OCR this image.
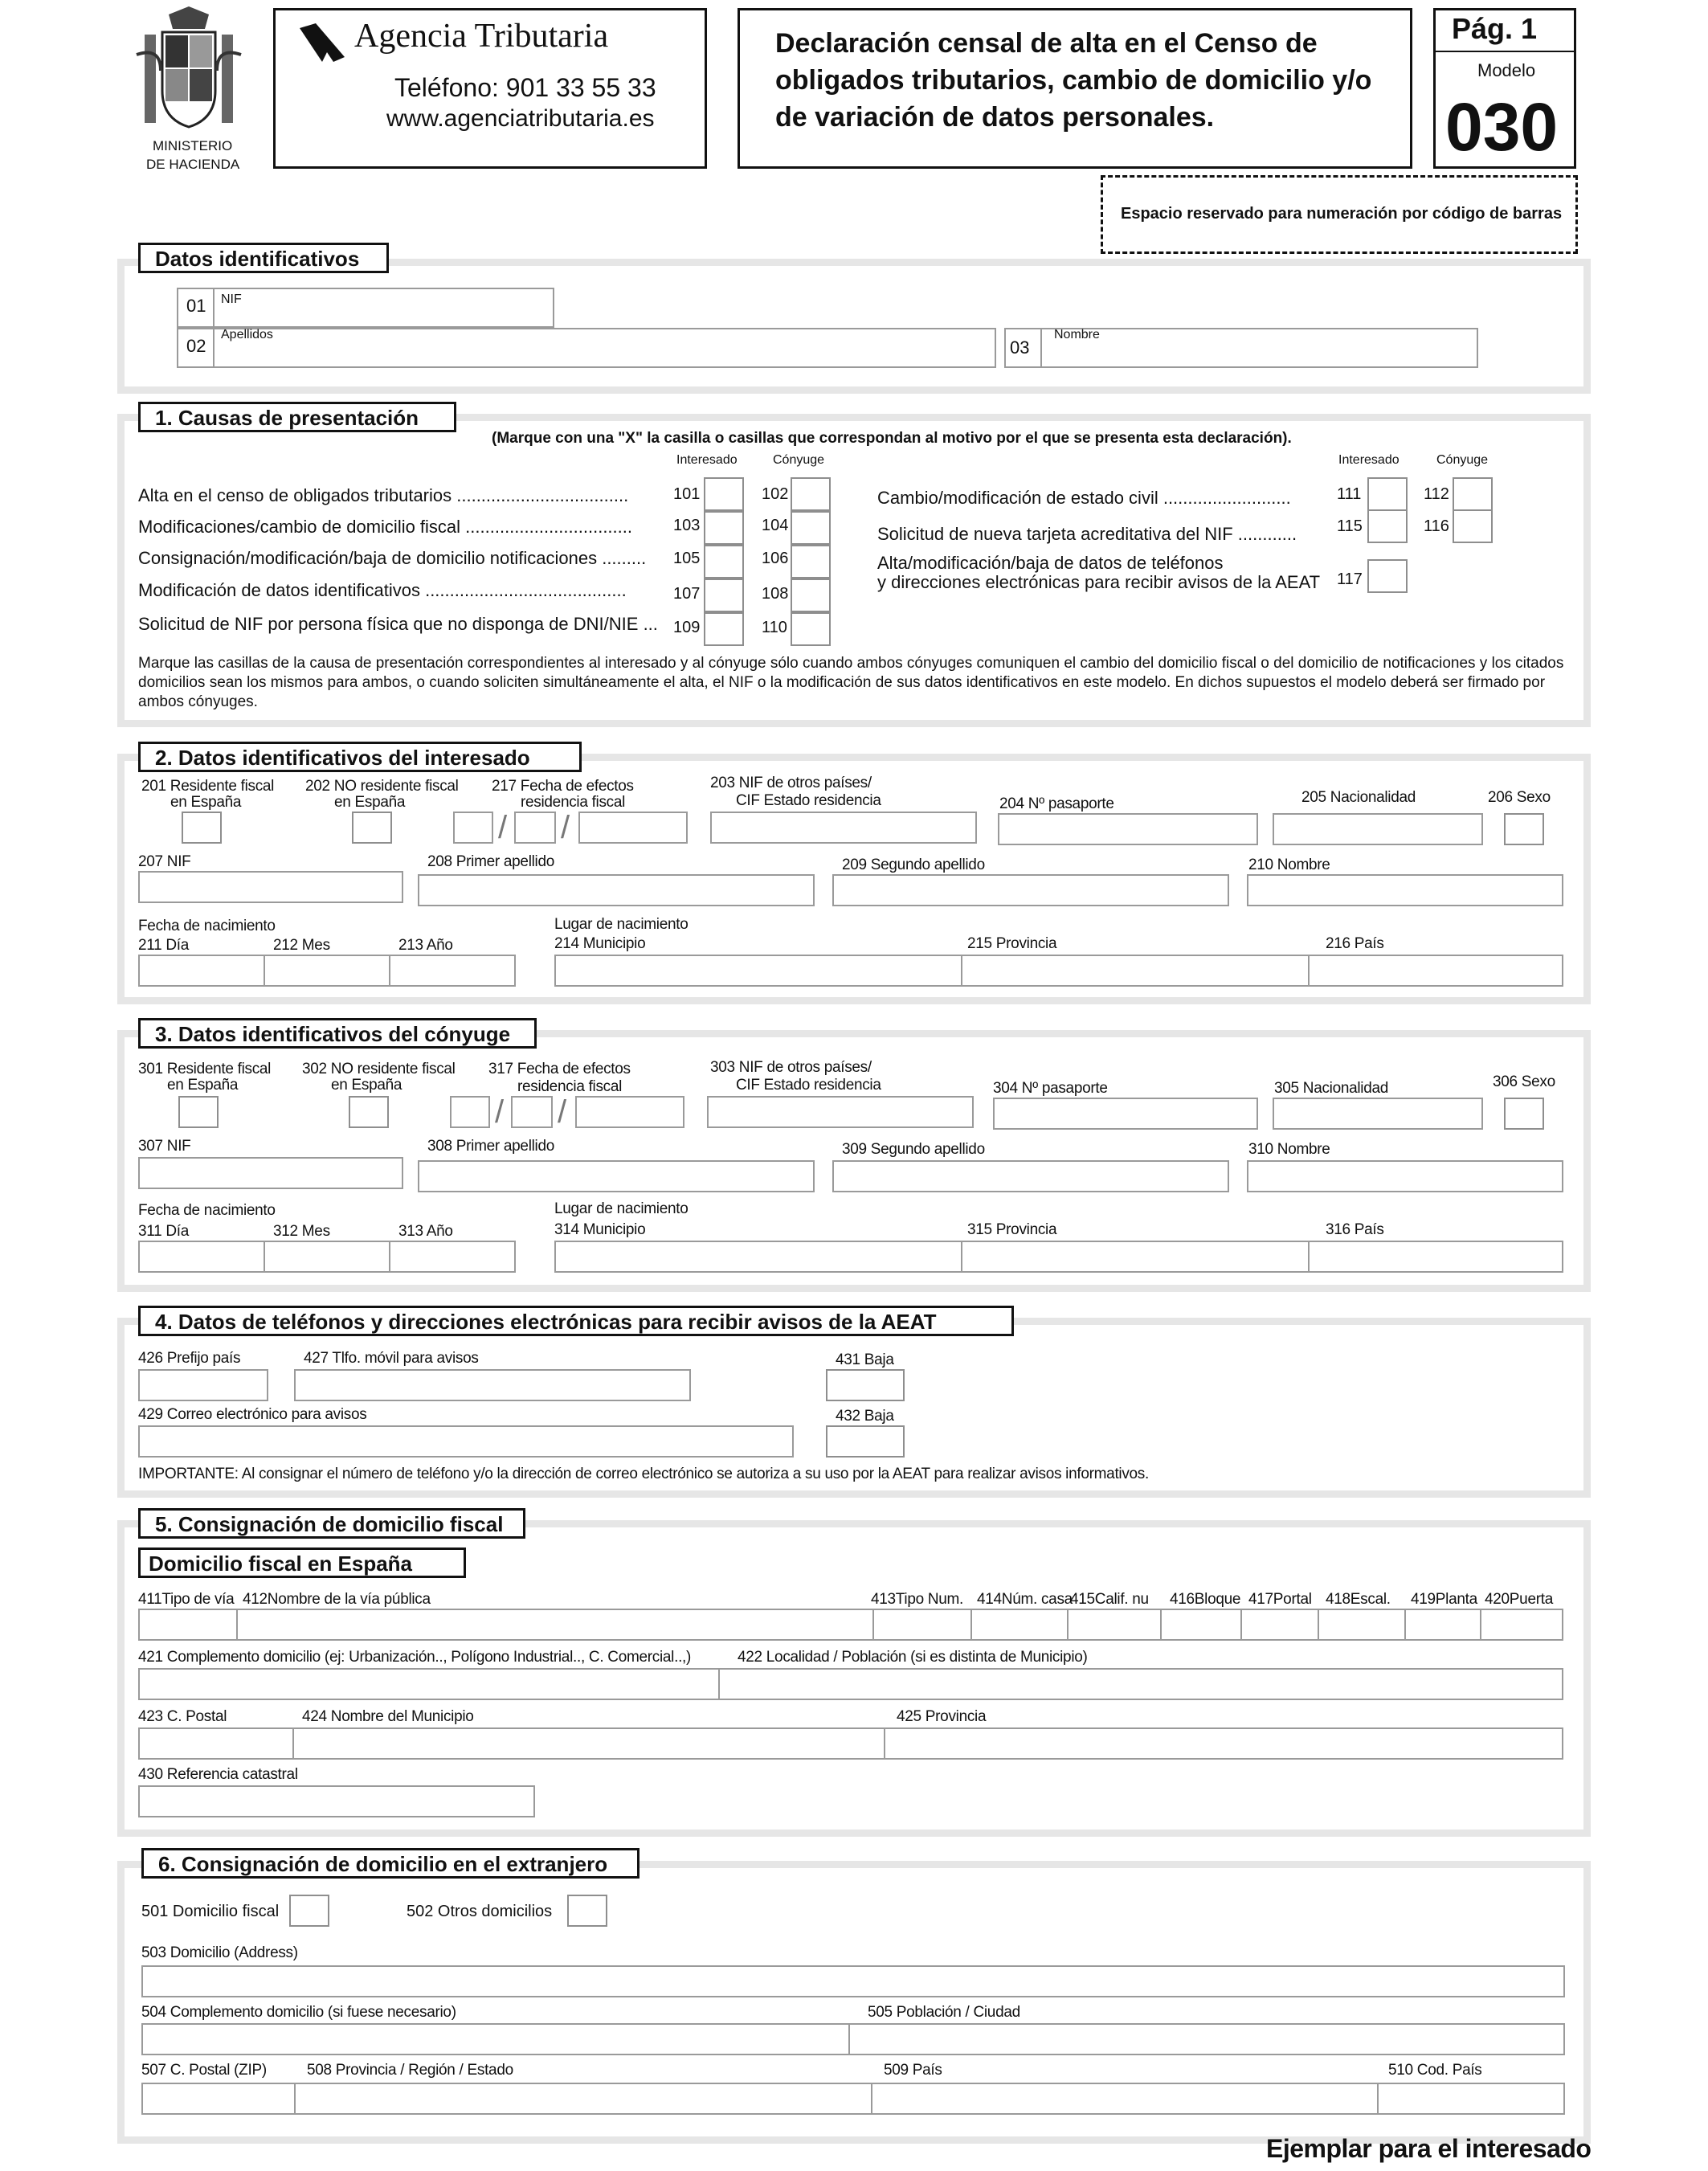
MINISTERIO
DE HACIENDA
Agencia Tributaria
Teléfono: 901 33 55 33
www.agenciatributaria.es
Declaración censal de alta en el Censo de
obligados tributarios, cambio de domicilio y/o
de variación de datos personales.
Pág. 1
Modelo
030
Espacio reservado para numeración por código de barras
Datos identificativos
01 NIF
02
Apellidos
03
Nombre
1. Causas de presentación
(Marque con una "X" la casilla o casillas que correspondan al motivo por el que se presenta esta declaración).
Interesado	Cónyuge	Interesado	Cónyuge
Alta en el censo de obligados tributarios ...................................	101	102
Modificaciones/cambio de domicilio fiscal ..................................	103	104
Consignación/modificación/baja de domicilio notificaciones ......... 105	106
Modificación de datos identificativos .........................................	107	108
Solicitud de NIF por persona física que no disponga de DNI/NIE ... 109	110
Cambio/modificación de estado civil ..........................	111	112
Solicitud de nueva tarjeta acreditativa del NIF ............ 115	116
Alta/modificación/baja de datos de teléfonos
y direcciones electrónicas para recibir avisos de la AEAT 117
Marque las casillas de la causa de presentación correspondientes al interesado y al cónyuge sólo cuando ambos cónyuges comuniquen el cambio del domicilio fiscal o del domicilio de notificaciones y los citados
domicilios sean los mismos para ambos, o cuando soliciten simultáneamente el alta, el NIF o la modificación de sus datos identificativos en este modelo. En dichos supuestos el modelo deberá ser firmado por
ambos cónyuges.
2. Datos identificativos del interesado
201 Residente fiscal
en España
202 NO residente fiscal
en España
217 Fecha de efectos
residencia fiscal
/ /
203 NIF de otros países/
CIF Estado residencia	204 Nº pasaporte	205 Nacionalidad	206 Sexo
207 NIF	208 Primer apellido	209 Segundo apellido	210 Nombre
Fecha de nacimiento	Lugar de nacimiento
211 Día	212 Mes	213 Año	214 Municipio	215 Provincia	216 País
3. Datos identificativos del cónyuge
301 Residente fiscal
en España
302 NO residente fiscal
en España
317 Fecha de efectos
residencia fiscal
/ /
303 NIF de otros países/
CIF Estado residencia	304 Nº pasaporte	305 Nacionalidad	306 Sexo
307 NIF	308 Primer apellido	309 Segundo apellido	310 Nombre
Fecha de nacimiento	Lugar de nacimiento
311 Día	312 Mes	313 Año	314 Municipio	315 Provincia	316 País
4. Datos de teléfonos y direcciones electrónicas para recibir avisos de la AEAT
426 Prefijo país	427 Tlfo. móvil para avisos	431 Baja
429 Correo electrónico para avisos	432 Baja
IMPORTANTE: Al consignar el número de teléfono y/o la dirección de correo electrónico se autoriza a su uso por la AEAT para realizar avisos informativos.
5. Consignación de domicilio fiscal
Domicilio fiscal en España
411Tipo de vía 412Nombre de la vía pública	413Tipo Num. 414Núm. casa
415Calif. nu 416Bloque 417Portal 418Escal. 419Planta 420Puerta
421 Complemento domicilio (ej: Urbanización.., Polígono Industrial.., C. Comercial..,)	422 Localidad / Población (si es distinta de Municipio)
423 C. Postal	424 Nombre del Municipio	425 Provincia
430 Referencia catastral
6. Consignación de domicilio en el extranjero
501 Domicilio fiscal	502 Otros domicilios
503 Domicilio (Address)
504 Complemento domicilio (si fuese necesario)	505 Población / Ciudad
507 C. Postal (ZIP)	508 Provincia / Región / Estado	509 País	510 Cod. País
Ejemplar para el interesado
